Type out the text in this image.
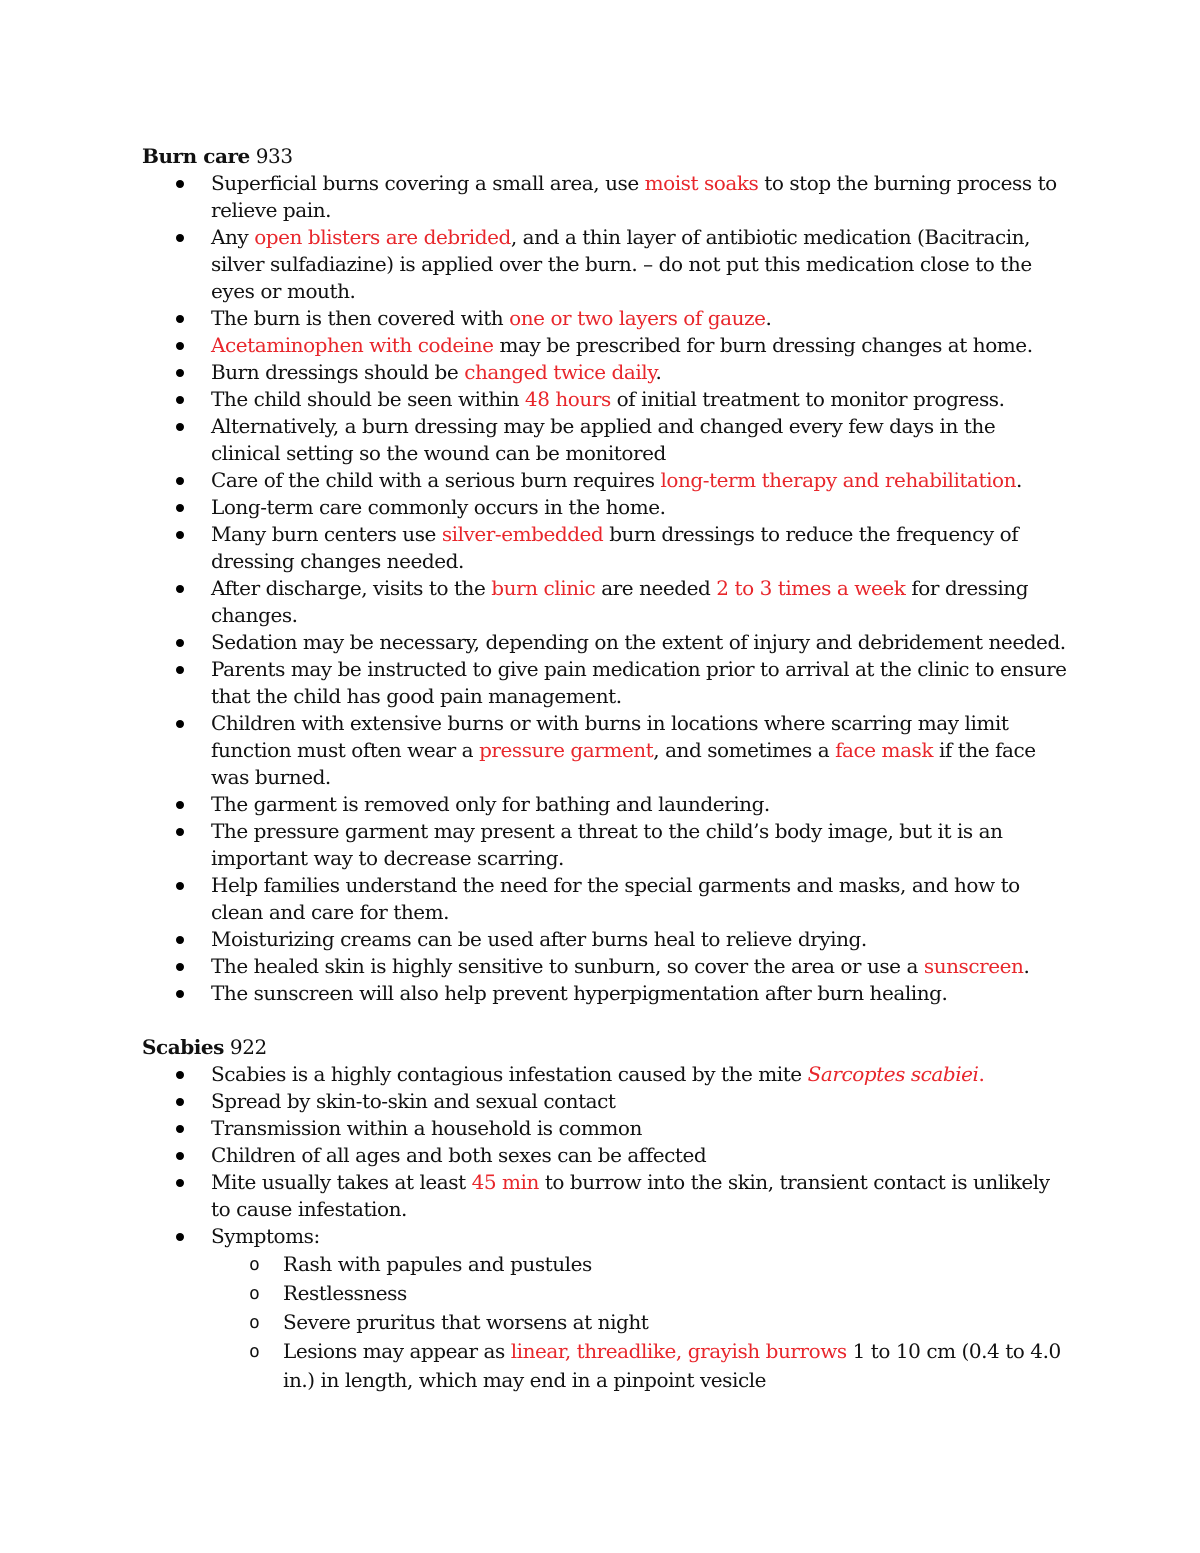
Burn care 933

Superficial burns covering a small area, use moist soaks to stop the burning process to relieve pain.
Any open blisters are debrided, and a thin layer of antibiotic medication (Bacitracin, silver sulfadiazine) is applied over the burn. – do not put this medication close to the eyes or mouth.
The burn is then covered with one or two layers of gauze.
Acetaminophen with codeine may be prescribed for burn dressing changes at home.
Burn dressings should be changed twice daily.
The child should be seen within 48 hours of initial treatment to monitor progress.
Alternatively, a burn dressing may be applied and changed every few days in the clinical setting so the wound can be monitored
Care of the child with a serious burn requires long-term therapy and rehabilitation.
Long-term care commonly occurs in the home.
Many burn centers use silver-embedded burn dressings to reduce the frequency of dressing changes needed.
After discharge, visits to the burn clinic are needed 2 to 3 times a week for dressing changes.
Sedation may be necessary, depending on the extent of injury and debridement needed.
Parents may be instructed to give pain medication prior to arrival at the clinic to ensure that the child has good pain management.
Children with extensive burns or with burns in locations where scarring may limit function must often wear a pressure garment, and sometimes a face mask if the face was burned.
The garment is removed only for bathing and laundering.
The pressure garment may present a threat to the child’s body image, but it is an important way to decrease scarring.
Help families understand the need for the special garments and masks, and how to clean and care for them.
Moisturizing creams can be used after burns heal to relieve drying.
The healed skin is highly sensitive to sunburn, so cover the area or use a sunscreen.
The sunscreen will also help prevent hyperpigmentation after burn healing.

Scabies 922

Scabies is a highly contagious infestation caused by the mite Sarcoptes scabiei.
Spread by skin-to-skin and sexual contact
Transmission within a household is common
Children of all ages and both sexes can be affected
Mite usually takes at least 45 min to burrow into the skin, transient contact is unlikely to cause infestation.
Symptoms:
o Rash with papules and pustules
o Restlessness
o Severe pruritus that worsens at night
o Lesions may appear as linear, threadlike, grayish burrows 1 to 10 cm (0.4 to 4.0 in.) in length, which may end in a pinpoint vesicle
